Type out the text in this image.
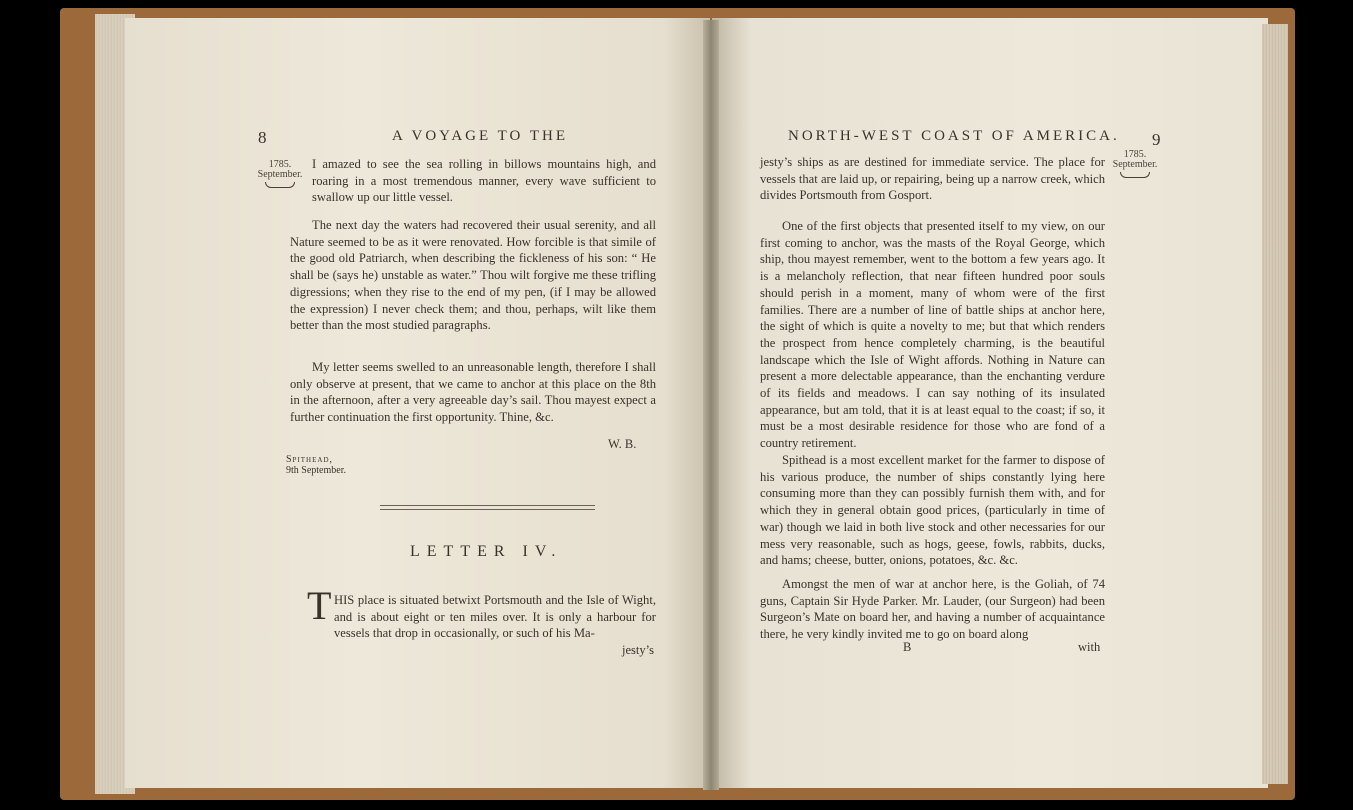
8	A VOYAGE TO THE
1785.
September.

I amazed to see the sea rolling in billows mountains high, and roaring in a most tremendous manner, every wave sufficient to swallow up our little vessel.

The next day the waters had recovered their usual serenity, and all Nature seemed to be as it were renovated. How forcible is that simile of the good old Patriarch, when describing the fickleness of his son: “ He shall be (says he) unstable as water.” Thou wilt forgive me these trifling digressions; when they rise to the end of my pen, (if I may be allowed the expression) I never check them; and thou, perhaps, wilt like them better than the most studied paragraphs.

My letter seems swelled to an unreasonable length, therefore I shall only observe at present, that we came to anchor at this place on the 8th in the afternoon, after a very agreeable day’s sail. Thou mayest expect a further continuation the first opportunity. Thine, &c.

W. B.
Spithead,
9th September.
LETTER IV.
T HIS place is situated betwixt Portsmouth and the Isle of Wight, and is about eight or ten miles over. It is only a harbour for vessels that drop in occasionally, or such of his Ma-

jesty’s
NORTH-WEST COAST OF AMERICA. 9
1785.
September.

jesty’s ships as are destined for immediate service. The place for vessels that are laid up, or repairing, being up a narrow creek, which divides Portsmouth from Gosport.

One of the first objects that presented itself to my view, on our first coming to anchor, was the masts of the Royal George, which ship, thou mayest remember, went to the bottom a few years ago. It is a melancholy reflection, that near fifteen hundred poor souls should perish in a moment, many of whom were of the first families. There are a number of line of battle ships at anchor here, the sight of which is quite a novelty to me; but that which renders the prospect from hence completely charming, is the beautiful landscape which the Isle of Wight affords. Nothing in Nature can present a more delectable appearance, than the enchanting verdure of its fields and meadows. I can say nothing of its insulated appearance, but am told, that it is at least equal to the coast; if so, it must be a most desirable residence for those who are fond of a country retirement.

Spithead is a most excellent market for the farmer to dispose of his various produce, the number of ships constantly lying here consuming more than they can possibly furnish them with, and for which they in general obtain good prices, (particularly in time of war) though we laid in both live stock and other necessaries for our mess very reasonable, such as hogs, geese, fowls, rabbits, ducks, and hams; cheese, butter, onions, potatoes, &c. &c.

Amongst the men of war at anchor here, is the Goliah, of 74 guns, Captain Sir Hyde Parker. Mr. Lauder, (our Surgeon) had been Surgeon’s Mate on board her, and having a number of acquaintance there, he very kindly invited me to go on board along

B	with
